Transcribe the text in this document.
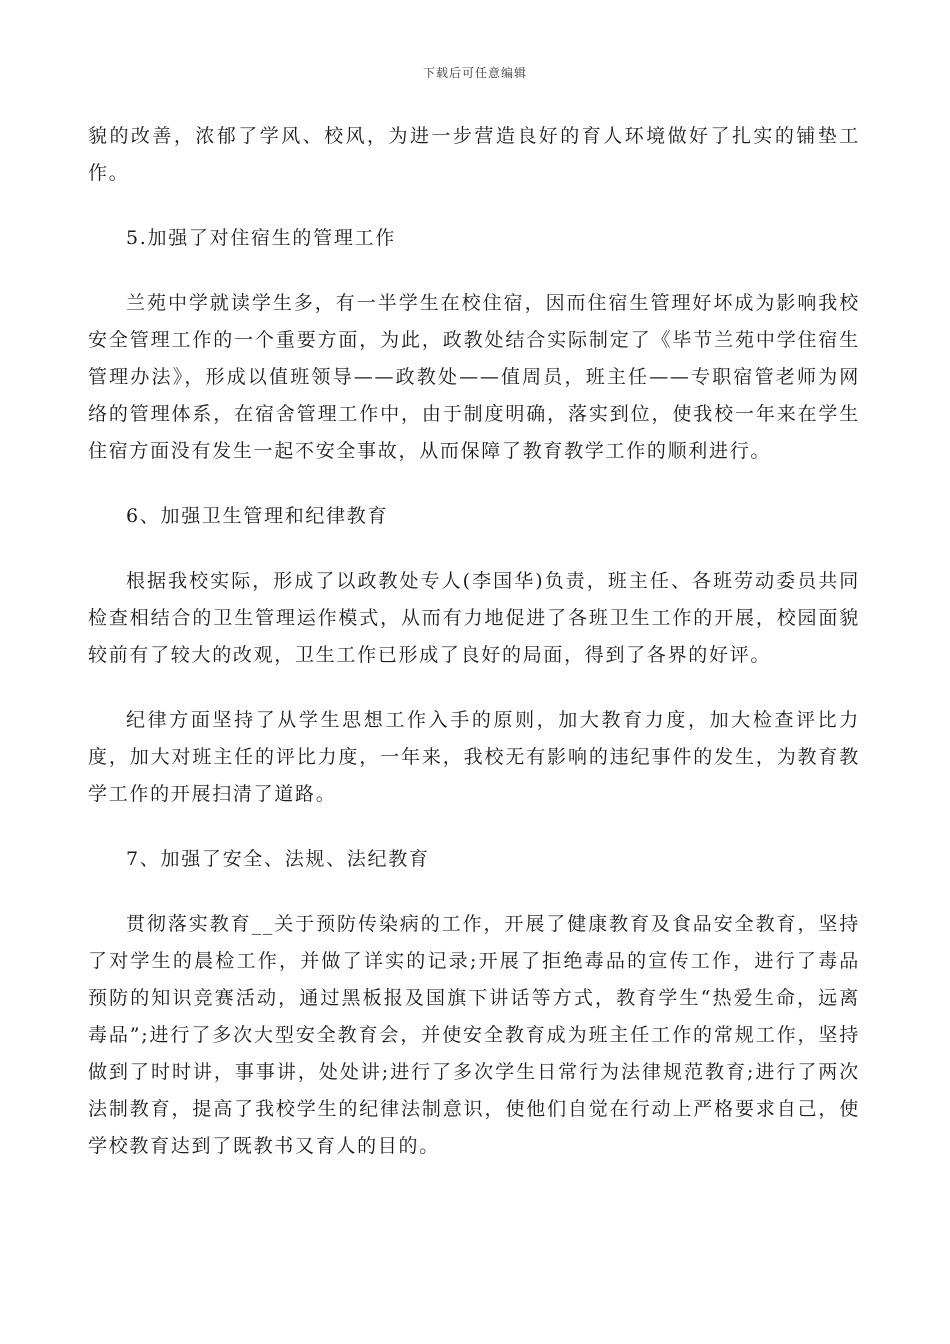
下载后可任意编辑

貌的改善，浓郁了学风、校风，为进一步营造良好的育人环境做好了扎实的铺垫工作。

5.加强了对住宿生的管理工作

兰苑中学就读学生多，有一半学生在校住宿，因而住宿生管理好坏成为影响我校安全管理工作的一个重要方面，为此，政教处结合实际制定了《毕节兰苑中学住宿生管理办法》，形成以值班领导——政教处——值周员，班主任——专职宿管老师为网络的管理体系，在宿舍管理工作中，由于制度明确，落实到位，使我校一年来在学生住宿方面没有发生一起不安全事故，从而保障了教育教学工作的顺利进行。

6、加强卫生管理和纪律教育

根据我校实际，形成了以政教处专人(李国华)负责，班主任、各班劳动委员共同检查相结合的卫生管理运作模式，从而有力地促进了各班卫生工作的开展，校园面貌较前有了较大的改观，卫生工作已形成了良好的局面，得到了各界的好评。

纪律方面坚持了从学生思想工作入手的原则，加大教育力度，加大检查评比力度，加大对班主任的评比力度，一年来，我校无有影响的违纪事件的发生，为教育教学工作的开展扫清了道路。

7、加强了安全、法规、法纪教育

贯彻落实教育__关于预防传染病的工作，开展了健康教育及食品安全教育，坚持了对学生的晨检工作，并做了详实的记录;开展了拒绝毒品的宣传工作，进行了毒品预防的知识竞赛活动，通过黑板报及国旗下讲话等方式，教育学生“热爱生命，远离毒品”;进行了多次大型安全教育会，并使安全教育成为班主任工作的常规工作，坚持做到了时时讲，事事讲，处处讲;进行了多次学生日常行为法律规范教育;进行了两次法制教育，提高了我校学生的纪律法制意识，使他们自觉在行动上严格要求自己，使学校教育达到了既教书又育人的目的。
